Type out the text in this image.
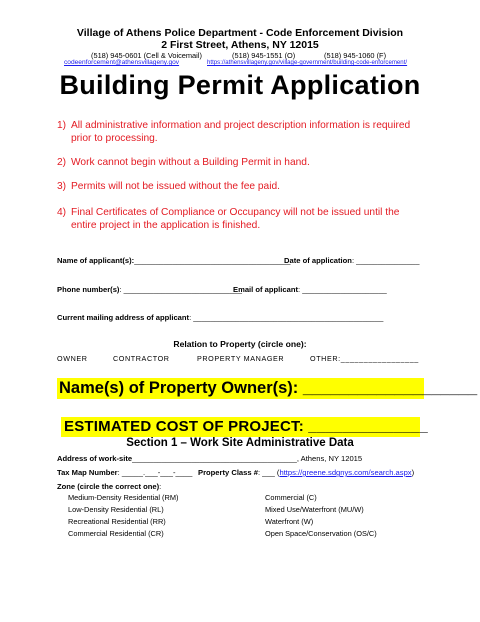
Village of Athens Police Department - Code Enforcement Division
2 First Street, Athens, NY 12015
(518) 945-0601 (Cell & Voicemail)	(518) 945-1551 (O)	(518) 945-1060 (F)
codeenforcement@athensvillageny.gov	https://athensvillageny.gov/village-government/building-code-enforcement/
Building Permit Application
1) All administrative information and project description information is required prior to processing.
2) Work cannot begin without a Building Permit in hand.
3) Permits will not be issued without the fee paid.
4) Final Certificates of Compliance or Occupancy will not be issued until the entire project in the application is finished.
Name of applicant(s):_____________________________________
Date of application: _______________
Phone number(s): ____________________________
Email of applicant: ____________________
Current mailing address of applicant: _____________________________________________
Relation to Property (circle one):
OWNER	CONTRACTOR	PROPERTY MANAGER	OTHER:_________________
Name(s) of Property Owner(s): ___________________
ESTIMATED COST OF PROJECT: ______________
Section 1 – Work Site Administrative Data
Address of work-site_______________________________________, Athens, NY 12015
Tax Map Number: _____.___-___-____ Property Class #: ___ (https://greene.sdgnys.com/search.aspx)
Zone (circle the correct one):
Medium-Density Residential (RM)
Low-Density Residential (RL)
Recreational Residential (RR)
Commercial Residential (CR)
Commercial (C)
Mixed Use/Waterfront (MU/W)
Waterfront (W)
Open Space/Conservation (OS/C)
